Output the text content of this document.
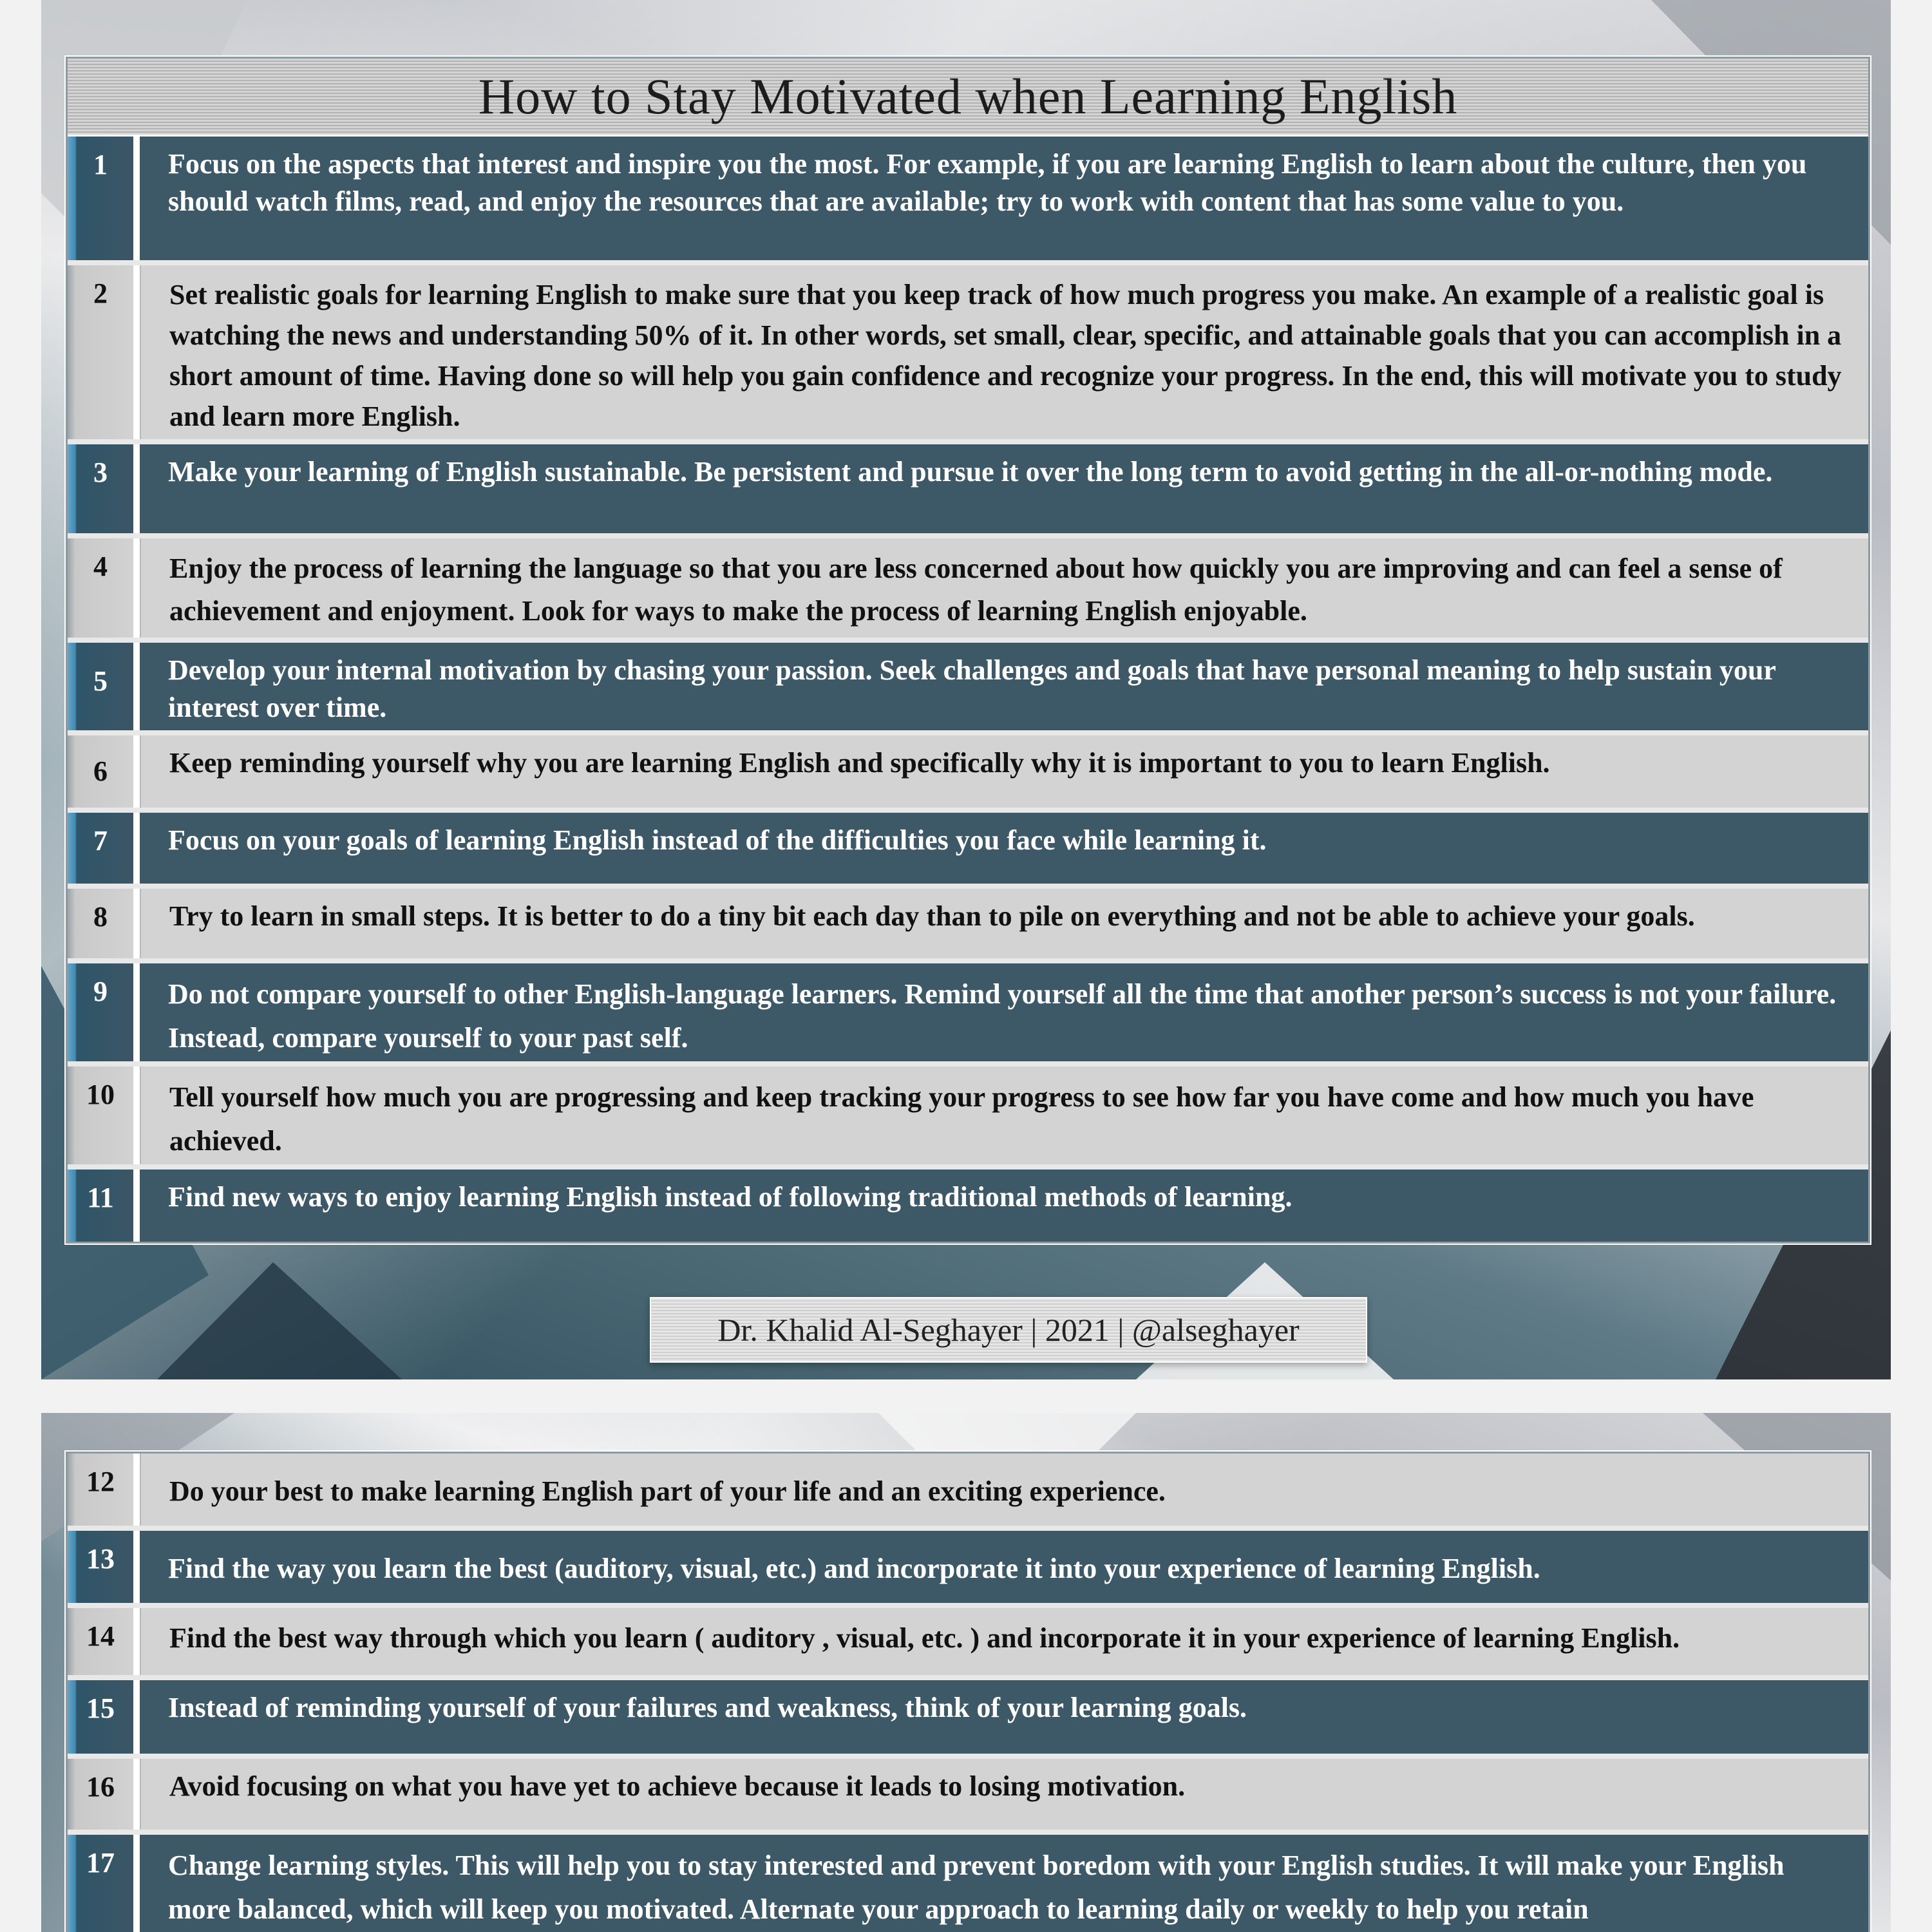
How to Stay Motivated when Learning English
1	Focus on the aspects that interest and inspire you the most. For example, if you are learning English to learn about the culture, then you should watch films, read, and enjoy the resources that are available; try to work with content that has some value to you.
2	Set realistic goals for learning English to make sure that you keep track of how much progress you make. An example of a realistic goal is watching the news and understanding 50% of it. In other words, set small, clear, specific, and attainable goals that you can accomplish in a short amount of time. Having done so will help you gain confidence and recognize your progress. In the end, this will motivate you to study and learn more English.
3	Make your learning of English sustainable. Be persistent and pursue it over the long term to avoid getting in the all-or-nothing mode.
4	Enjoy the process of learning the language so that you are less concerned about how quickly you are improving and can feel a sense of achievement and enjoyment. Look for ways to make the process of learning English enjoyable.
5	Develop your internal motivation by chasing your passion. Seek challenges and goals that have personal meaning to help sustain your interest over time.
6	Keep reminding yourself why you are learning English and specifically why it is important to you to learn English.
7	Focus on your goals of learning English instead of the difficulties you face while learning it.
8	Try to learn in small steps. It is better to do a tiny bit each day than to pile on everything and not be able to achieve your goals.
9	Do not compare yourself to other English-language learners. Remind yourself all the time that another person’s success is not your failure. Instead, compare yourself to your past self.
10	Tell yourself how much you are progressing and keep tracking your progress to see how far you have come and how much you have achieved.
11	Find new ways to enjoy learning English instead of following traditional methods of learning.
Dr. Khalid Al-Seghayer | 2021 | @alseghayer
12	Do your best to make learning English part of your life and an exciting experience.
13	Find the way you learn the best (auditory, visual, etc.) and incorporate it into your experience of learning English.
14	Find the best way through which you learn ( auditory , visual, etc. ) and incorporate it in your experience of learning English.
15	Instead of reminding yourself of your failures and weakness, think of your learning goals.
16	Avoid focusing on what you have yet to achieve because it leads to losing motivation.
17	Change learning styles. This will help you to stay interested and prevent boredom with your English studies. It will make your English more balanced, which will keep you motivated. Alternate your approach to learning daily or weekly to help you retain
